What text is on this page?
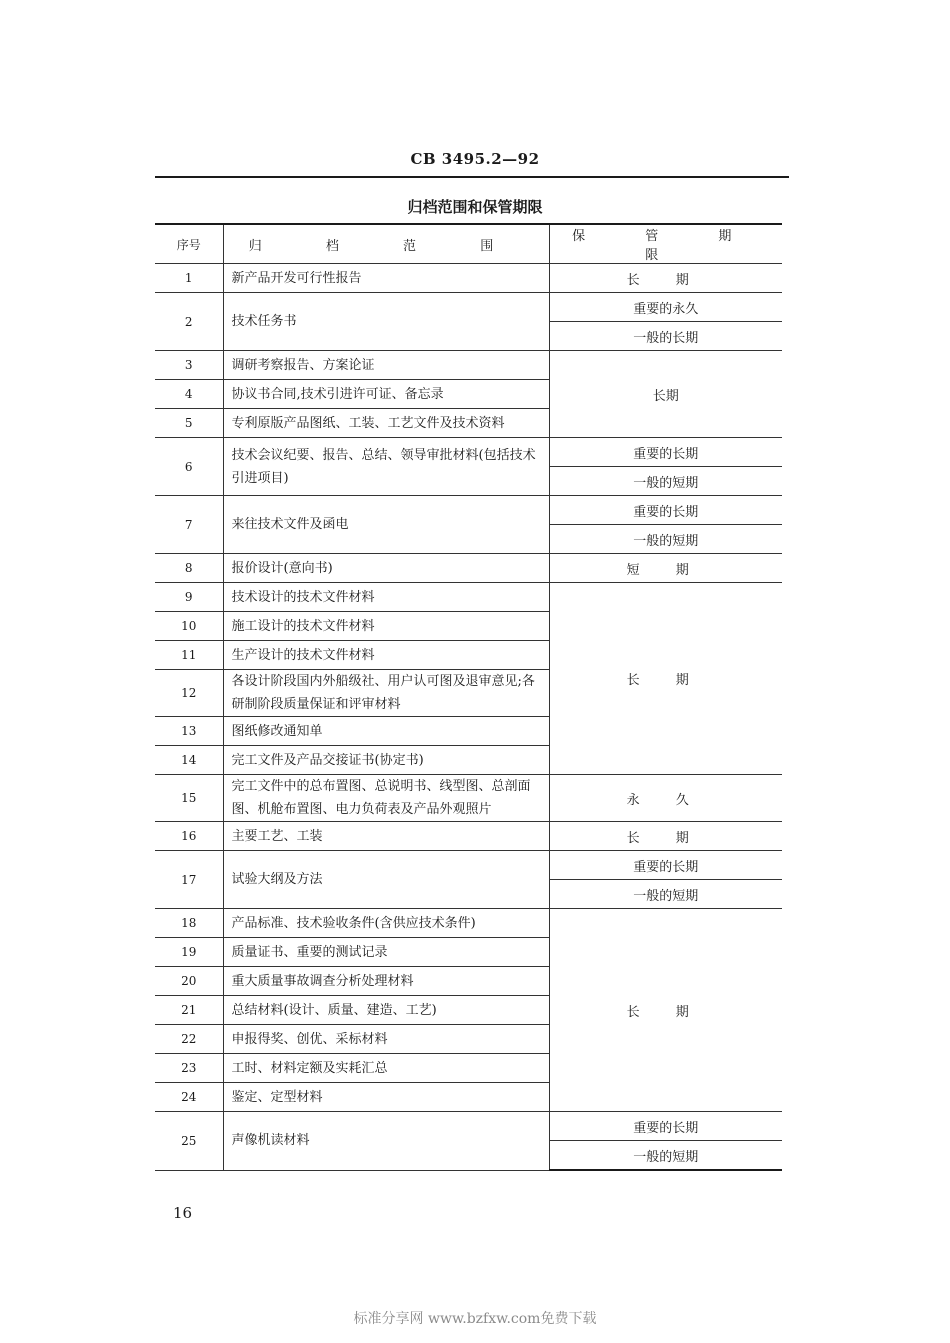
CB 3495.2—92
归档范围和保管期限
序号	归 档 范 围	保 管 期 限
1	新产品开发可行性报告	长 期
2	技术任务书	重要的永久
		一般的长期
3	调研考察报告、方案论证	长期
4	协议书合同,技术引进许可证、备忘录	
5	专利原版产品图纸、工装、工艺文件及技术资料	
6	技术会议纪要、报告、总结、领导审批材料(包括技术引进项目)	重要的长期
		一般的短期
7	来往技术文件及函电	重要的长期
		一般的短期
8	报价设计(意向书)	短 期
9	技术设计的技术文件材料	长 期
10	施工设计的技术文件材料	
11	生产设计的技术文件材料	
12	各设计阶段国内外船级社、用户认可图及退审意见;各研制阶段质量保证和评审材料	

13	图纸修改通知单	
14	完工文件及产品交接证书(协定书)	
15	完工文件中的总布置图、总说明书、线型图、总剖面图、机舱布置图、电力负荷表及产品外观照片	永 久

16	主要工艺、工装	长 期
17	试验大纲及方法	重要的长期
		一般的短期
18	产品标准、技术验收条件(含供应技术条件)	长 期
19	质量证书、重要的测试记录	
20	重大质量事故调查分析处理材料	
21	总结材料(设计、质量、建造、工艺)	
22	申报得奖、创优、采标材料	
23	工时、材料定额及实耗汇总	
24	鉴定、定型材料	
25	声像机读材料	重要的长期
		一般的短期
16
标准分享网 www.bzfxw.com免费下载
